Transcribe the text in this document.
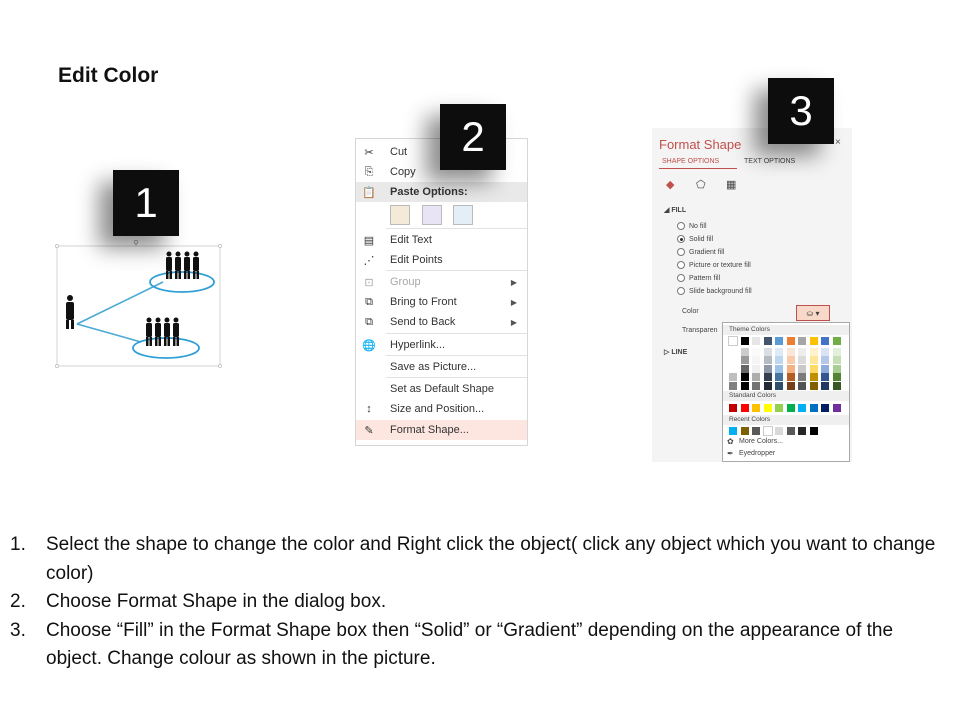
Edit Color
1
2
3
✂ Cut
⎘ Copy
📋 Paste Options:
▤ Edit Text
⋰ Edit Points
⊡ Group	▶
⧉ Bring to Front	▶
⧉ Send to Back	▶
🌐 Hyperlink...
Save as Picture...
Set as Default Shape
↕	Size and Position...
✎ Format Shape...
Format Shape	×
SHAPE OPTIONS	TEXT OPTIONS
◆ ⬠ ▦
◢ FILL
No fill
Solid fill
Gradient fill
Picture or texture fill
Pattern fill
Slide background fill
Color	⛀
▾
Transparen
▷ LINE
Theme Colors
Standard Colors
Recent Colors
✿ More Colors...
✒ Eyedropper
1.	Select the shape to change the color and Right click the object( click any object which you want to change color)
2.	Choose Format Shape in the dialog box.
3.	Choose “Fill” in the Format Shape box then “Solid” or “Gradient” depending on the appearance of the object. Change colour as shown in the picture.
